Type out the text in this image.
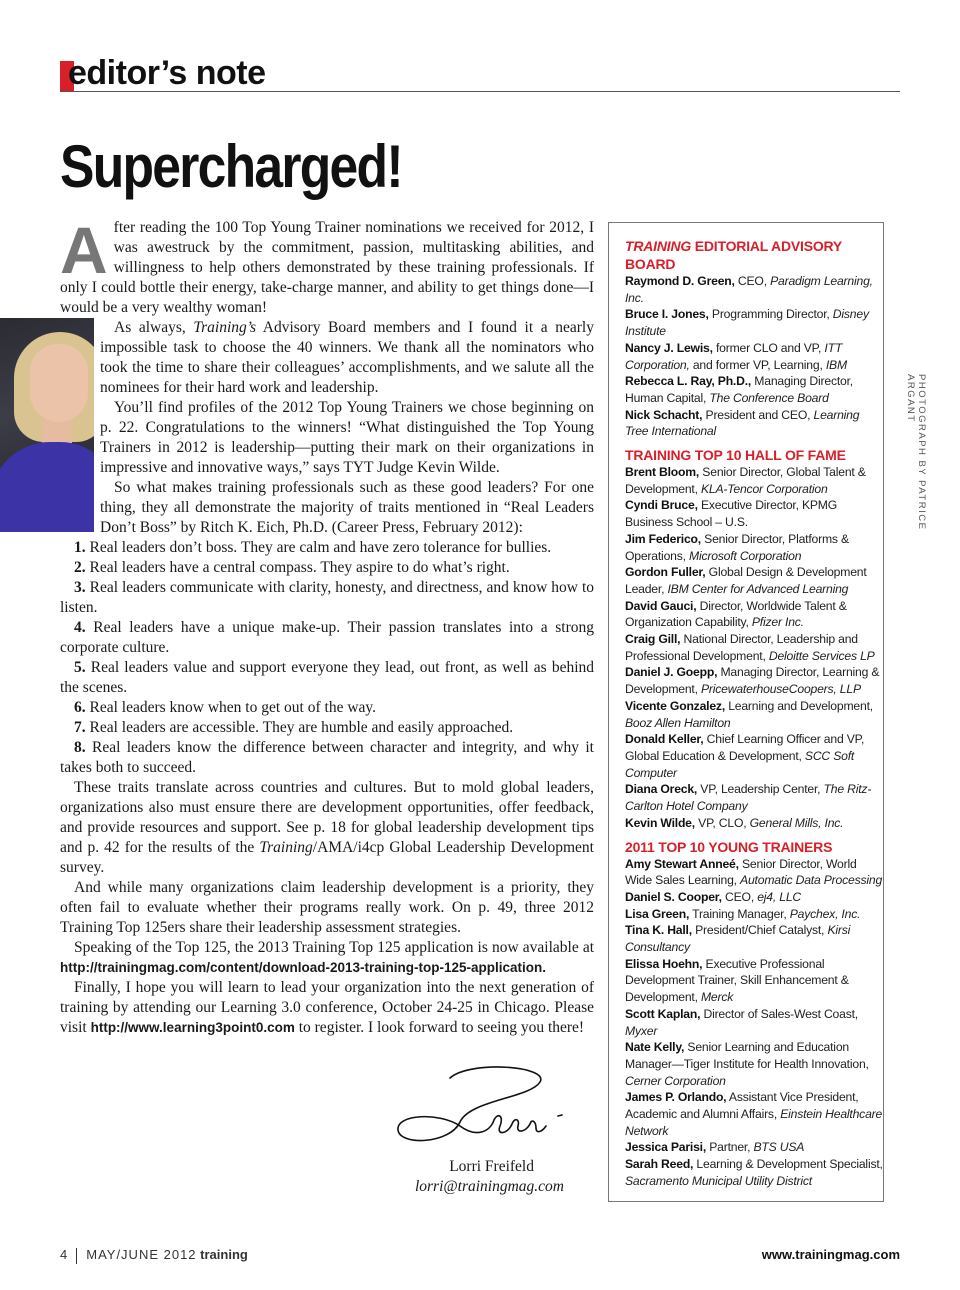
editor’s note
Supercharged!

After reading the 100 Top Young Trainer nominations we received for 2012, I was awestruck by the commitment, passion, multitasking abilities, and willingness to help others demonstrated by these training professionals. If only I could bottle their energy, take-charge manner, and ability to get things done—I would be a very wealthy woman!

As always, Training’s Advisory Board members and I found it a nearly impossible task to choose the 40 winners. We thank all the nominators who took the time to share their colleagues’ accomplishments, and we salute all the nominees for their hard work and leadership.

You’ll find profiles of the 2012 Top Young Trainers we chose beginning on p. 22. Congratulations to the winners! “What distinguished the Top Young Trainers in 2012 is leadership—putting their mark on their organizations in impressive and innovative ways,” says TYT Judge Kevin Wilde.

So what makes training professionals such as these good leaders? For one thing, they all demonstrate the majority of traits mentioned in “Real Leaders Don’t Boss” by Ritch K. Eich, Ph.D. (Career Press, February 2012):

1. Real leaders don’t boss. They are calm and have zero tolerance for bullies.

2. Real leaders have a central compass. They aspire to do what’s right.

3. Real leaders communicate with clarity, honesty, and directness, and know how to listen.

4. Real leaders have a unique make-up. Their passion translates into a strong corporate culture.

5. Real leaders value and support everyone they lead, out front, as well as behind the scenes.

6. Real leaders know when to get out of the way.

7. Real leaders are accessible. They are humble and easily approached.

8. Real leaders know the difference between character and integrity, and why it takes both to succeed.

These traits translate across countries and cultures. But to mold global leaders, organizations also must ensure there are development opportunities, offer feedback, and provide resources and support. See p. 18 for global leadership development tips and p. 42 for the results of the Training/AMA/i4cp Global Leadership Development survey.

And while many organizations claim leadership development is a priority, they often fail to evaluate whether their programs really work. On p. 49, three 2012 Training Top 125ers share their leadership assessment strategies.

Speaking of the Top 125, the 2013 Training Top 125 application is now available at http://trainingmag.com/content/download-2013-training-top-125-application.

Finally, I hope you will learn to lead your organization into the next generation of training by attending our Learning 3.0 conference, October 24-25 in Chicago. Please visit http://www.learning3point0.com to register. I look forward to seeing you there!

Lorri Freifeld
lorri@trainingmag.com
TRAINING EDITORIAL ADVISORY BOARD
Raymond D. Green, CEO, Paradigm Learning, Inc.
Bruce I. Jones, Programming Director, Disney Institute
Nancy J. Lewis, former CLO and VP, ITT Corporation, and former VP, Learning, IBM
Rebecca L. Ray, Ph.D., Managing Director, Human Capital, The Conference Board
Nick Schacht, President and CEO, Learning Tree International
TRAINING TOP 10 HALL OF FAME
Brent Bloom, Senior Director, Global Talent & Development, KLA-Tencor Corporation
Cyndi Bruce, Executive Director, KPMG Business School – U.S.
Jim Federico, Senior Director, Platforms & Operations, Microsoft Corporation
Gordon Fuller, Global Design & Development Leader, IBM Center for Advanced Learning
David Gauci, Director, Worldwide Talent & Organization Capability, Pfizer Inc.
Craig Gill, National Director, Leadership and Professional Development, Deloitte Services LP
Daniel J. Goepp, Managing Director, Learning & Development, PricewaterhouseCoopers, LLP
Vicente Gonzalez, Learning and Development, Booz Allen Hamilton
Donald Keller, Chief Learning Officer and VP, Global Education & Development, SCC Soft Computer
Diana Oreck, VP, Leadership Center, The Ritz-Carlton Hotel Company
Kevin Wilde, VP, CLO, General Mills, Inc.
2011 TOP 10 YOUNG TRAINERS
Amy Stewart Anneé, Senior Director, World Wide Sales Learning, Automatic Data Processing
Daniel S. Cooper, CEO, ej4, LLC
Lisa Green, Training Manager, Paychex, Inc.
Tina K. Hall, President/Chief Catalyst, Kirsi Consultancy
Elissa Hoehn, Executive Professional Development Trainer, Skill Enhancement & Development, Merck
Scott Kaplan, Director of Sales-West Coast, Myxer
Nate Kelly, Senior Learning and Education Manager—Tiger Institute for Health Innovation, Cerner Corporation
James P. Orlando, Assistant Vice President, Academic and Alumni Affairs, Einstein Healthcare Network
Jessica Parisi, Partner, BTS USA
Sarah Reed, Learning & Development Specialist, Sacramento Municipal Utility District
PHOTOGRAPH BY PATRICE ARGANT
4 MAY/JUNE 2012 training	www.trainingmag.com
